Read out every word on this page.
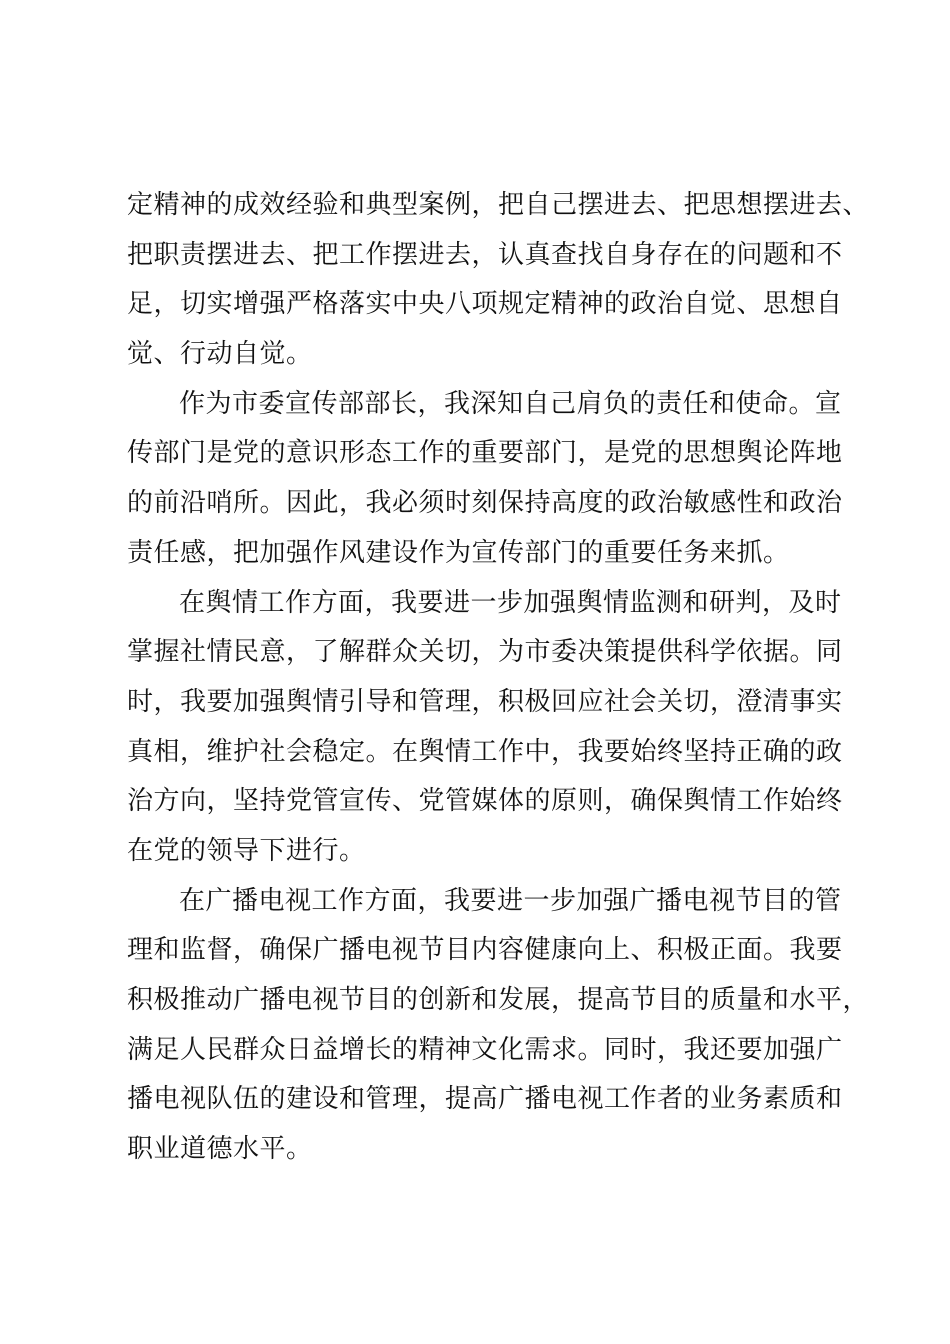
定精神的成效经验和典型案例，把自己摆进去、把思想摆进去、
把职责摆进去、把工作摆进去，认真查找自身存在的问题和不
足，切实增强严格落实中央八项规定精神的政治自觉、思想自
觉、行动自觉。
作为市委宣传部部长，我深知自己肩负的责任和使命。宣
传部门是党的意识形态工作的重要部门，是党的思想舆论阵地
的前沿哨所。因此，我必须时刻保持高度的政治敏感性和政治
责任感，把加强作风建设作为宣传部门的重要任务来抓。
在舆情工作方面，我要进一步加强舆情监测和研判，及时
掌握社情民意，了解群众关切，为市委决策提供科学依据。同
时，我要加强舆情引导和管理，积极回应社会关切，澄清事实
真相，维护社会稳定。在舆情工作中，我要始终坚持正确的政
治方向，坚持党管宣传、党管媒体的原则，确保舆情工作始终
在党的领导下进行。
在广播电视工作方面，我要进一步加强广播电视节目的管
理和监督，确保广播电视节目内容健康向上、积极正面。我要
积极推动广播电视节目的创新和发展，提高节目的质量和水平，
满足人民群众日益增长的精神文化需求。同时，我还要加强广
播电视队伍的建设和管理，提高广播电视工作者的业务素质和
职业道德水平。
